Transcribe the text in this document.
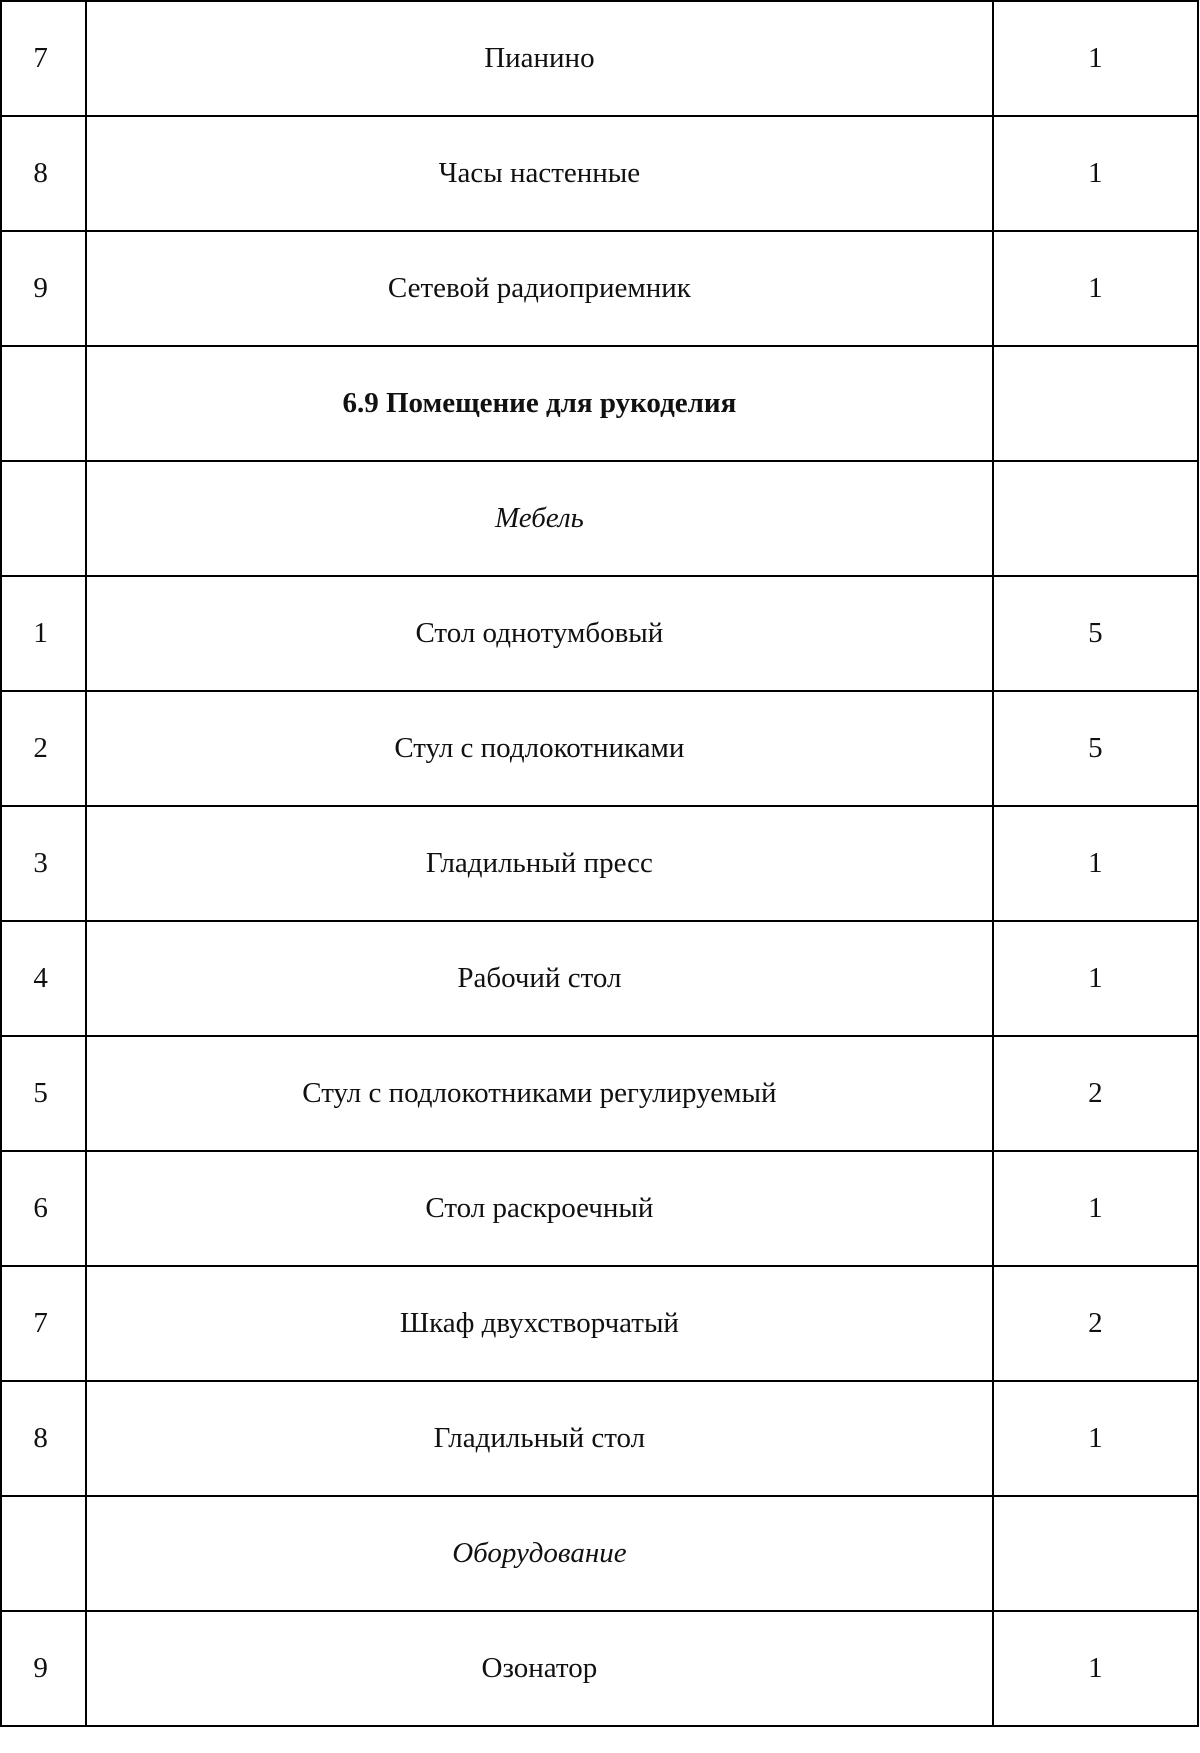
7	Пианино	1
8	Часы настенные	1
9	Сетевой радиоприемник	1
	6.9 Помещение для рукоделия	
	Мебель	
1	Стол однотумбовый	5
2	Стул с подлокотниками	5
3	Гладильный пресс	1
4	Рабочий стол	1
5	Стул с подлокотниками регулируемый	2
6	Стол раскроечный	1
7	Шкаф двухстворчатый	2
8	Гладильный стол	1
	Оборудование	
9	Озонатор	1
